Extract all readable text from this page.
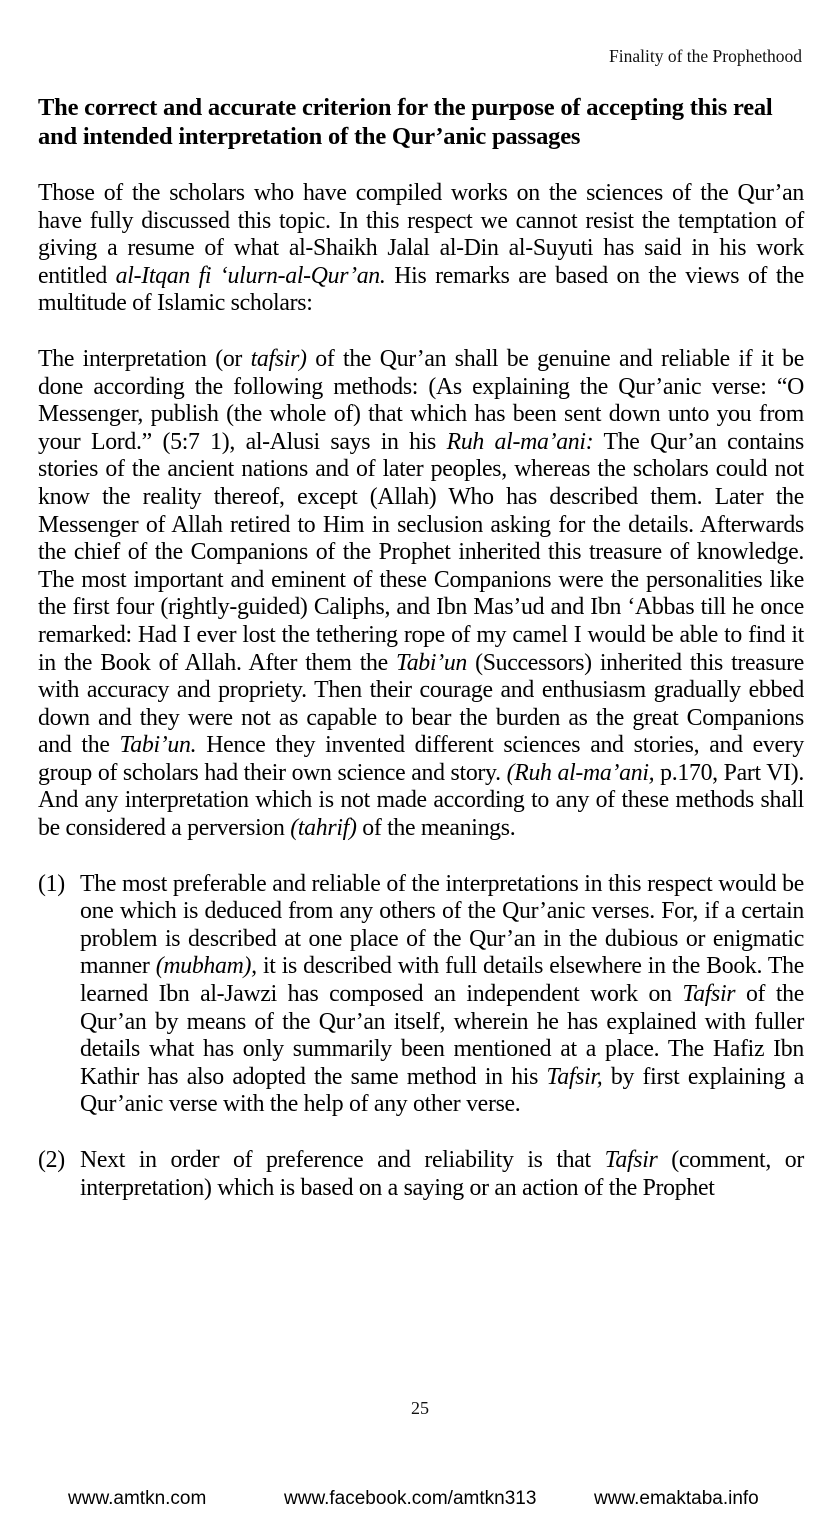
Finality of the Prophethood
The correct and accurate criterion for the purpose of accepting this real and intended interpretation of the Qur’anic passages

Those of the scholars who have compiled works on the sciences of the Qur’an have fully discussed this topic. In this respect we cannot resist the temptation of giving a resume of what al-Shaikh Jalal al-Din al-Suyuti has said in his work entitled al-Itqan fi ‘ulurn-al-Qur’an. His remarks are based on the views of the multitude of Islamic scholars:

The interpretation (or tafsir) of the Qur’an shall be genuine and reliable if it be done according the following methods: (As explaining the Qur’anic verse: “O Messenger, publish (the whole of) that which has been sent down unto you from your Lord.” (5:7 1), al-Alusi says in his Ruh al-ma’ani: The Qur’an contains stories of the ancient nations and of later peoples, whereas the scholars could not know the reality thereof, except (Allah) Who has described them. Later the Messenger of Allah retired to Him in seclusion asking for the details. Afterwards the chief of the Companions of the Prophet inherited this treasure of knowledge. The most important and eminent of these Companions were the personalities like the first four (rightly-guided) Caliphs, and Ibn Mas’ud and Ibn ‘Abbas till he once remarked: Had I ever lost the tethering rope of my camel I would be able to find it in the Book of Allah. After them the Tabi’un (Successors) inherited this treasure with accuracy and propriety. Then their courage and enthusiasm gradually ebbed down and they were not as capable to bear the burden as the great Companions and the Tabi’un. Hence they invented different sciences and stories, and every group of scholars had their own science and story. (Ruh al-ma’ani, p.170, Part VI). And any interpretation which is not made according to any of these methods shall be considered a perversion (tahrif) of the meanings.

(1) The most preferable and reliable of the interpretations in this respect would be one which is deduced from any others of the Qur’anic verses. For, if a certain problem is described at one place of the Qur’an in the dubious or enigmatic manner (mubham), it is described with full details elsewhere in the Book. The learned Ibn al-Jawzi has composed an independent work on Tafsir of the Qur’an by means of the Qur’an itself, wherein he has explained with fuller details what has only summarily been mentioned at a place. The Hafiz Ibn Kathir has also adopted the same method in his Tafsir, by first explaining a Qur’anic verse with the help of any other verse.

(2) Next in order of preference and reliability is that Tafsir (comment, or interpretation) which is based on a saying or an action of the Prophet

25
www.amtkn.com	www.facebook.com/amtkn313	www.emaktaba.info
